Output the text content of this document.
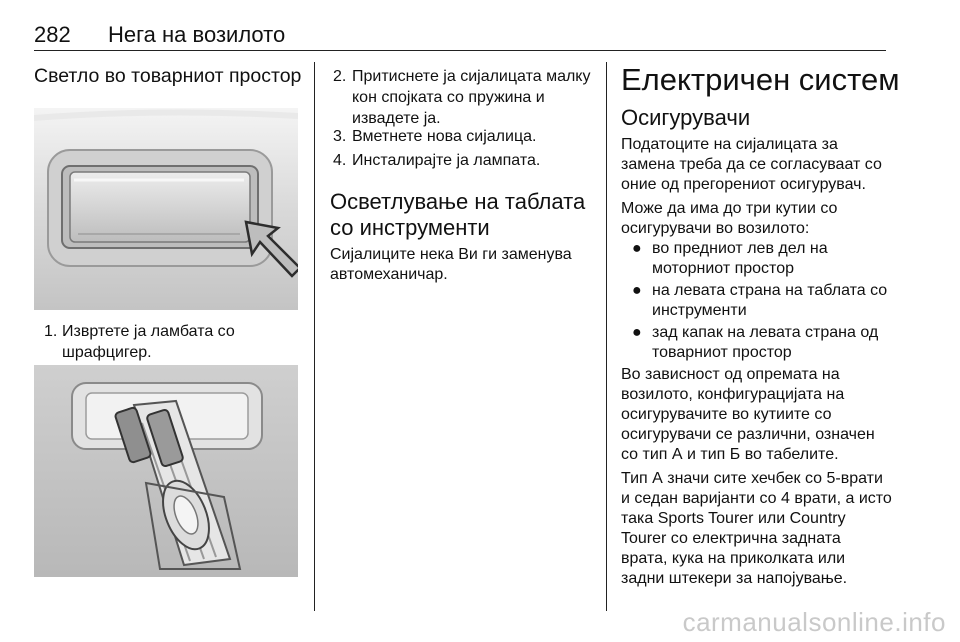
282 Нега на возилото
Светло во товарниот простор
1. Извртете ја ламбата со
шрафцигер.
2. Притиснете ја сијалицата малку
кон спојката со пружина и
извадете ја.
3. Вметнете нова сијалица.
4. Инсталирајте ја лампата.
Осветлување на таблата
со инструменти
Сијалиците нека Ви ги заменува
автомеханичар.
Електричен систем
Осигурувачи
Податоците на сијалицата за
замена треба да се согласуваат со
оние од прегорениот осигурувач.
Може да има до три кутии со
осигурувачи во возилото:
● во предниот лев дел на
моторниот простор
● на левата страна на таблата со
инструменти
● зад капак на левата страна од
товарниот простор
Во зависност од опремата на
возилото, конфигурацијата на
осигурувачите во кутиите со
осигурувачи се различни, означен
со тип А и тип Б во табелите.
Тип А значи сите хечбек со 5-врати
и седан варијанти со 4 врати, а исто
така Sports Tourer или Country
Tourer со електрична задната
врата, кука на приколката или
задни штекери за напојување.
carmanualsonline.info
